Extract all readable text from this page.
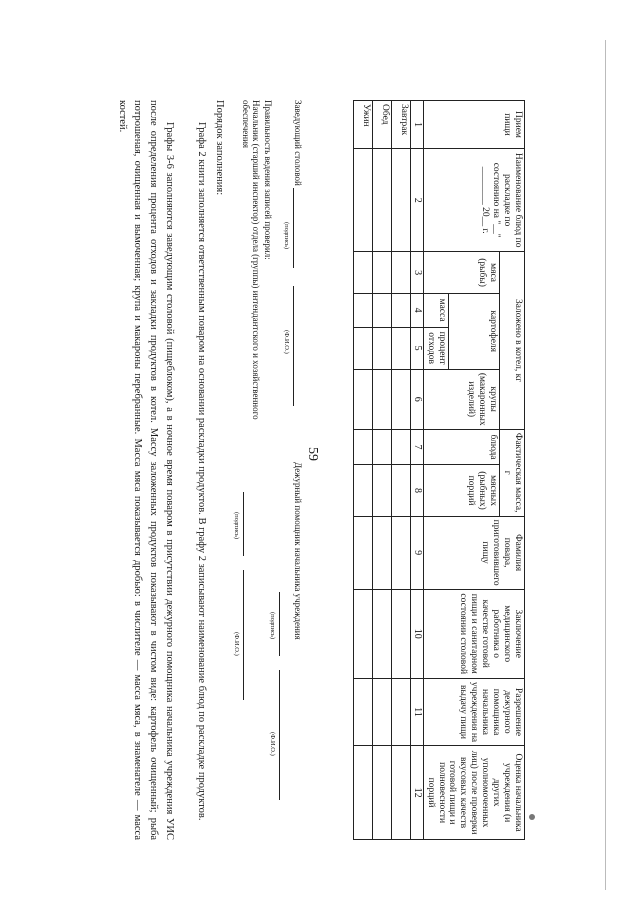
59
Прием пищи	Наименование блюд по раскладке по состоянию на "__" ________ 20__ г.	Заложено в котел, кг				Фактическая масса, г		Фамилия повара, приготовившего пищу	Заключение медицинского работника о качестве готовой пищи и санитарном состоянии столовой	Разрешение дежурного помощника начальника учреждения на выдачу пищи	Оценка начальника учреждения (и других уполномоченных лиц) после проверки вкусовых качеств готовой пищи и полновесности порций
		мяса (рыбы)	картофеля		крупы (макаронных изделий)	блюда	мясных (рыбных) порций				
			масса	процент отходов							
1	2	3	4	5	6	7	8	9	10	11	12
Завтрак											
Обед											
Ужин											
Заведующий столовой
(подпись)
(Ф.И.О.)
Дежурный помощник начальника учреждения

(подпись)
(Ф.И.О.)
Правильность ведения записей проверил:
Начальник (старший инспектор) отдела (группы) интендантского и хозяйственного обеспечения

(подпись)
(Ф.И.О.)
Порядок заполнения:
Графа 2 книги заполняется ответственным поваром на основании раскладки продуктов. В графу 2 записывают наименование блюд по раскладке продуктов.
Графы 3-6 заполняются заведующим столовой (пищеблоком), а в ночное время поваром в присутствии дежурного помощника начальника учреждения УИС после определения процента отходов и закладки продуктов в котел. Массу заложенных продуктов показывают в чистом виде: картофель очищенный; рыба потрошеная, очищенная и вымоченная; крупа и макароны перебранные. Масса мяса показывается дробью: в числителе — масса мяса, в знаменателе — масса костей.
